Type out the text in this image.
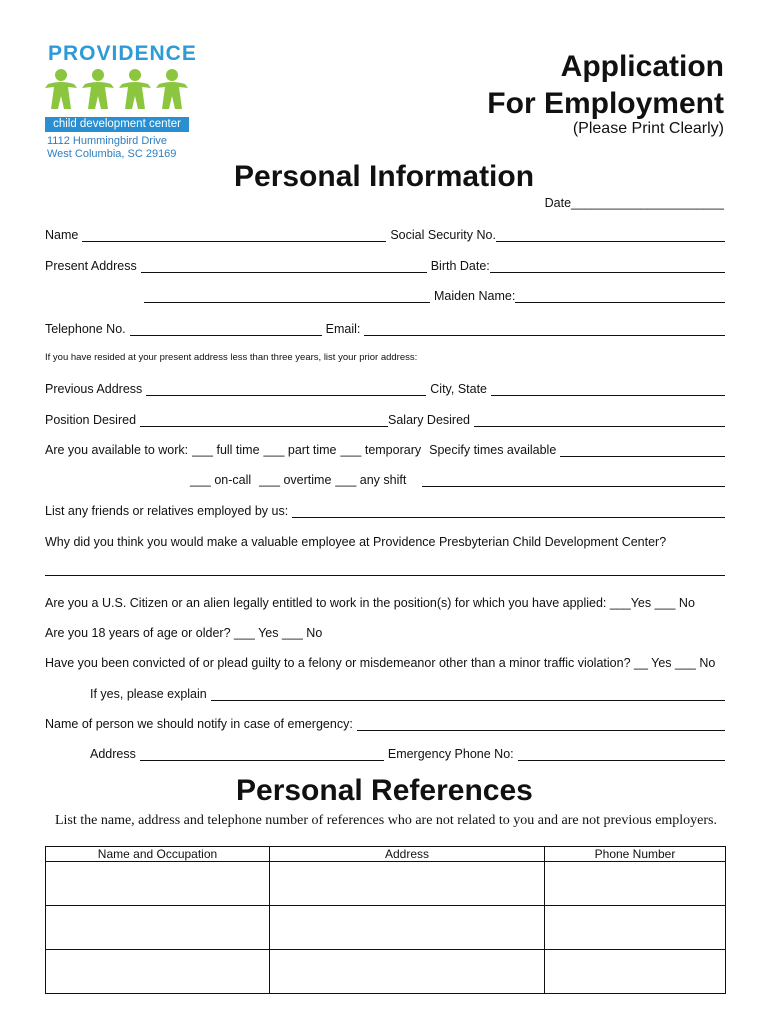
PROVIDENCE
child development center
1112 Hummingbird Drive
West Columbia, SC 29169
Application
For Employment
(Please Print Clearly)
Personal Information
Date______________________
Name	Social Security No.
Present Address	Birth Date:
Maiden Name:
Telephone No.	Email:
If you have resided at your present address less than three years, list your prior address:
Previous Address	City, State
Position Desired	Salary Desired
Are you available to work: ___ full time ___ part time ___ temporary Specify times available
___ on-call ___ overtime ___ any shift
List any friends or relatives employed by us:
Why did you think you would make a valuable employee at Providence Presbyterian Child Development Center?
Are you a U.S. Citizen or an alien legally entitled to work in the position(s) for which you have applied: ___Yes ___ No
Are you 18 years of age or older? ___ Yes ___ No
Have you been convicted of or plead guilty to a felony or misdemeanor other than a minor traffic violation? __ Yes ___ No
If yes, please explain
Name of person we should notify in case of emergency:
Address	Emergency Phone No:
Personal References
List the name, address and telephone number of references who are not related to you and are not previous employers.
Name and Occupation	Address	Phone Number
